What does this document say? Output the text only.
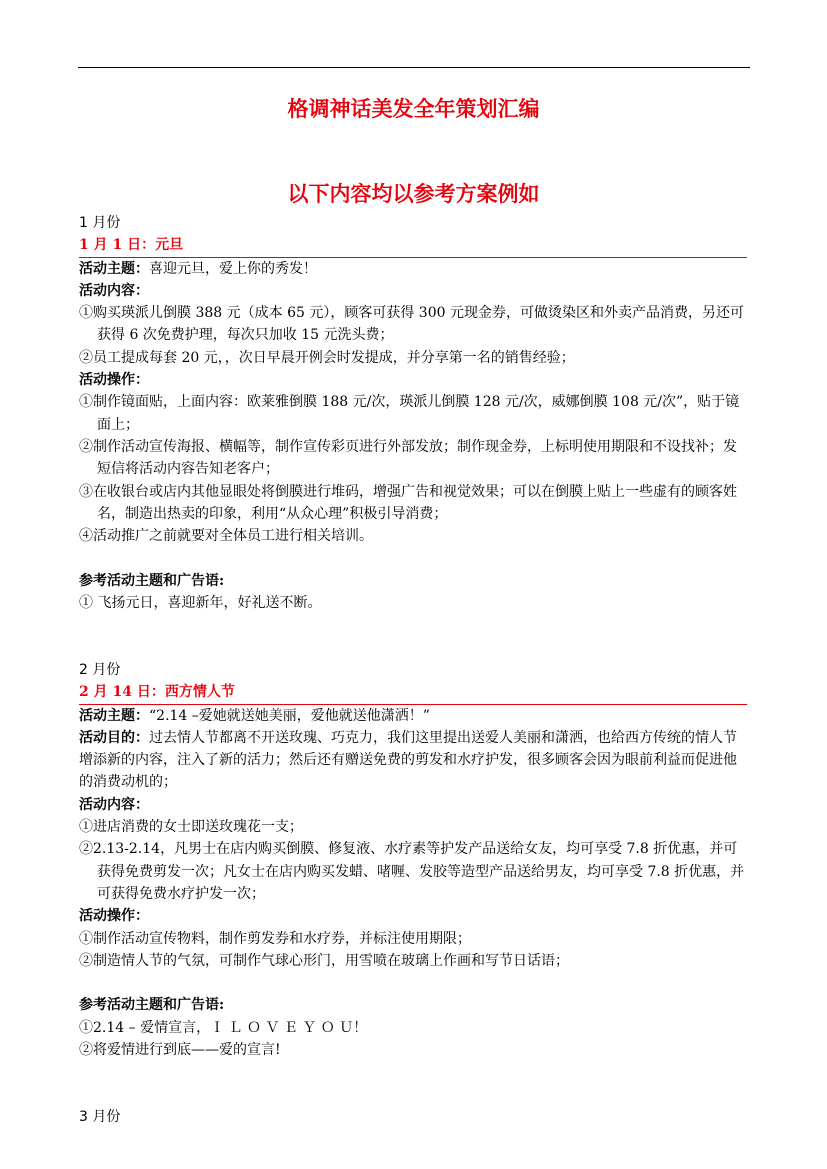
格调神话美发全年策划汇编
以下内容均以参考方案例如

1 月份

1 月 1 日：元旦

活动主题：喜迎元旦，爱上你的秀发！

活动内容：

①购买瑛派儿倒膜 388 元（成本 65 元），顾客可获得 300 元现金券，可做烫染区和外卖产品消费，另还可获得 6 次免费护理，每次只加收 15 元洗头费；

②员工提成每套 20 元，，次日早晨开例会时发提成，并分享第一名的销售经验；

活动操作：

①制作镜面贴，上面内容：欧莱雅倒膜 188 元/次，瑛派儿倒膜 128 元/次，威娜倒膜 108 元/次”，贴于镜面上；

②制作活动宣传海报、横幅等，制作宣传彩页进行外部发放；制作现金券，上标明使用期限和不设找补；发短信将活动内容告知老客户；

③在收银台或店内其他显眼处将倒膜进行堆码，增强广告和视觉效果；可以在倒膜上贴上一些虚有的顾客姓名，制造出热卖的印象，利用“从众心理”积极引导消费；

④活动推广之前就要对全体员工进行相关培训。

参考活动主题和广告语:

① 飞扬元日，喜迎新年，好礼送不断。

2 月份

2 月 14 日：西方情人节

活动主题：“2.14 –爱她就送她美丽，爱他就送他潇洒！”

活动目的：过去情人节都离不开送玫瑰、巧克力，我们这里提出送爱人美丽和潇洒，也给西方传统的情人节增添新的内容，注入了新的活力；然后还有赠送免费的剪发和水疗护发，很多顾客会因为眼前利益而促进他的消费动机的；

活动内容：

①进店消费的女士即送玫瑰花一支；

②2.13-2.14，凡男士在店内购买倒膜、修复液、水疗素等护发产品送给女友，均可享受 7.8 折优惠，并可获得免费剪发一次；凡女士在店内购买发蜡、啫喱、发胶等造型产品送给男友，均可享受 7.8 折优惠，并可获得免费水疗护发一次；

活动操作：

①制作活动宣传物料，制作剪发券和水疗券，并标注使用期限；

②制造情人节的气氛，可制作气球心形门，用雪喷在玻璃上作画和写节日话语；

参考活动主题和广告语:

①2.14 – 爱情宣言，Ｉ Ｌ Ｏ Ｖ Ｅ Ｙ Ｏ Ｕ！

②将爱情进行到底——爱的宣言!

3 月份
